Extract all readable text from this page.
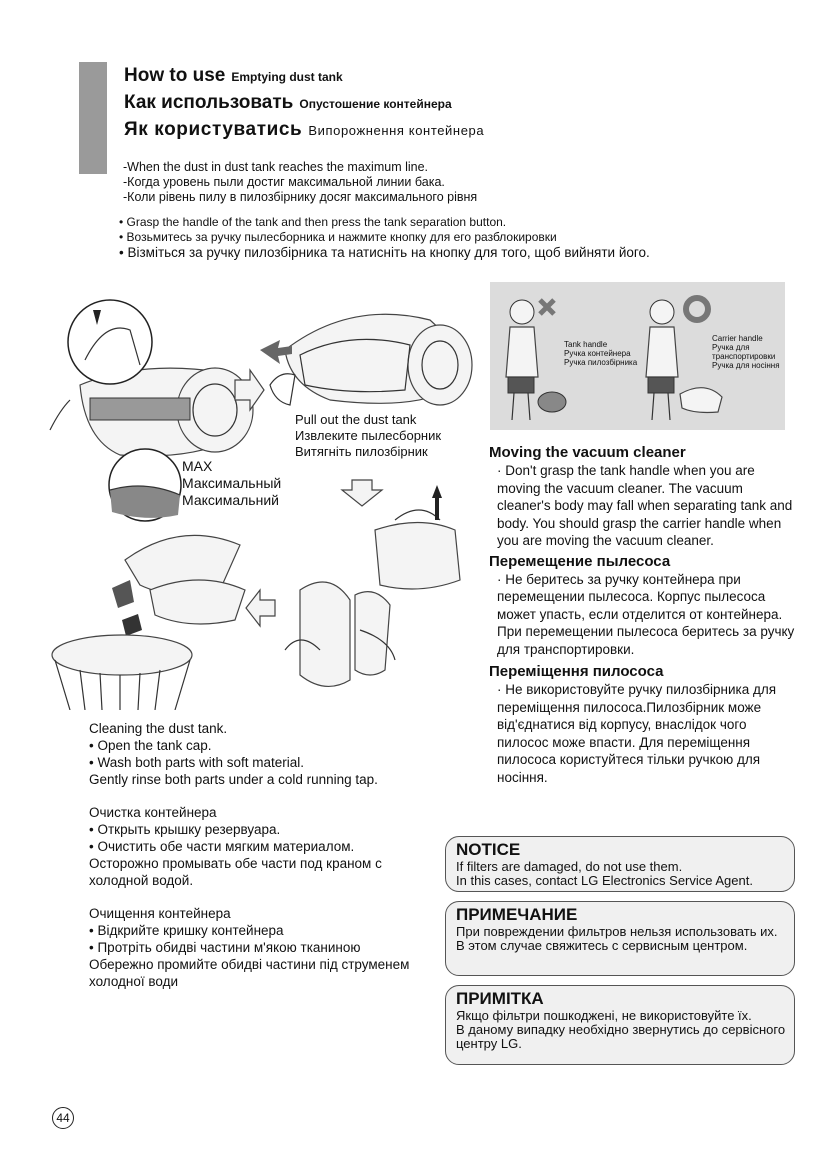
How to use Emptying dust tank
Как использовать Опустошение контейнера
Як користуватись Випорожнення контейнера
-When the dust in dust tank reaches the maximum line.
-Когда уровень пыли достиг максимальной линии бака.
-Коли рівень пилу в пилозбірнику досяг максимального рівня
• Grasp the handle of the tank and then press the tank separation button.
• Возьмитесь за ручку пылесборника и нажмите кнопку для его разблокировки
• Візміться за ручку пилозбірника та натисніть на кнопку для того, щоб вийняти його.
Pull out the dust tank
Извлеките пылесборник
Витягніть пилозбірник
MAX
Максимальный
Максимальний
Tank handle
Ручка контейнера
Ручка пилозбірника
Carrier handle
Ручка для
транспортировки
Ручка для носіння
Moving the vacuum cleaner
· Don't grasp the tank handle when you are moving the vacuum cleaner. The vacuum cleaner's body may fall when separating tank and body. You should grasp the carrier handle when you are moving the vacuum cleaner.
Перемещение пылесоса
· Не беритесь за ручку контейнера при перемещении пылесоса. Корпус пылесоса может упасть, если отделится от контейнера. При перемещении пылесоса беритесь за ручку для транспортировки.
Переміщення пилососа
· Не використовуйте ручку пилозбірника для переміщення пилососа.Пилозбірник може від'єднатися від корпусу, внаслідок чого пилосос може впасти. Для переміщення пилососа користуйтеся тільки ручкою для носіння.
Cleaning the dust tank.
• Open the tank cap.
• Wash both parts with soft material.
Gently rinse both parts under a cold running tap.
Очистка контейнера
• Открыть крышку резервуара.
• Очистить обе части мягким материалом.
Осторожно промывать обе части под краном с холодной водой.
Очищення контейнера
• Відкрийте кришку контейнера
• Протріть обидві частини м'якою тканиною
Обережно промийте обидві частини під струменем холодної води
NOTICE
If filters are damaged, do not use them.
In this cases, contact LG Electronics Service Agent.
ПРИМЕЧАНИЕ
При повреждении фильтров нельзя использовать их.
В этом случае свяжитесь с сервисным центром.
ПРИМІТКА
Якщо фільтри пошкоджені, не використовуйте їх.
В даному випадку необхідно звернутись до сервісного центру LG.
44
